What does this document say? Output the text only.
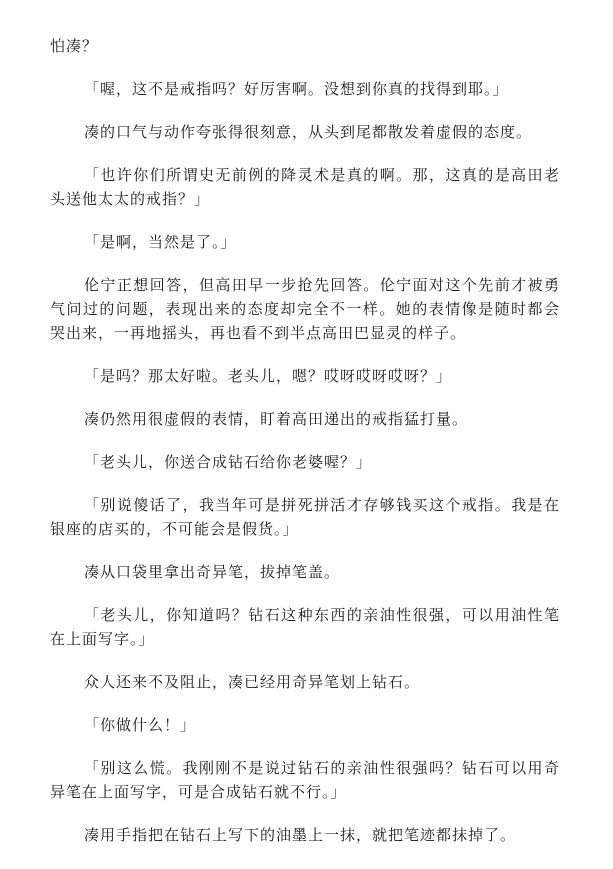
怕凑？

「喔，这不是戒指吗？好厉害啊。没想到你真的找得到耶。」

凑的口气与动作夸张得很刻意，从头到尾都散发着虚假的态度。

「也许你们所谓史无前例的降灵术是真的啊。那，这真的是高田老头送他太太的戒指？」

「是啊，当然是了。」

伦宁正想回答，但高田早一步抢先回答。伦宁面对这个先前才被勇气问过的问题，表现出来的态度却完全不一样。她的表情像是随时都会哭出来，一再地摇头，再也看不到半点高田巴显灵的样子。

「是吗？那太好啦。老头儿，嗯？哎呀哎呀哎呀？」

凑仍然用很虚假的表情，盯着高田递出的戒指猛打量。

「老头儿，你送合成钻石给你老婆喔？」

「别说傻话了，我当年可是拼死拼活才存够钱买这个戒指。我是在银座的店买的，不可能会是假货。」

凑从口袋里拿出奇异笔，拔掉笔盖。

「老头儿，你知道吗？钻石这种东西的亲油性很强，可以用油性笔在上面写字。」

众人还来不及阻止，凑已经用奇异笔划上钻石。

「你做什么！」

「别这么慌。我刚刚不是说过钻石的亲油性很强吗？钻石可以用奇异笔在上面写字，可是合成钻石就不行。」

凑用手指把在钻石上写下的油墨上一抹，就把笔迹都抹掉了。
